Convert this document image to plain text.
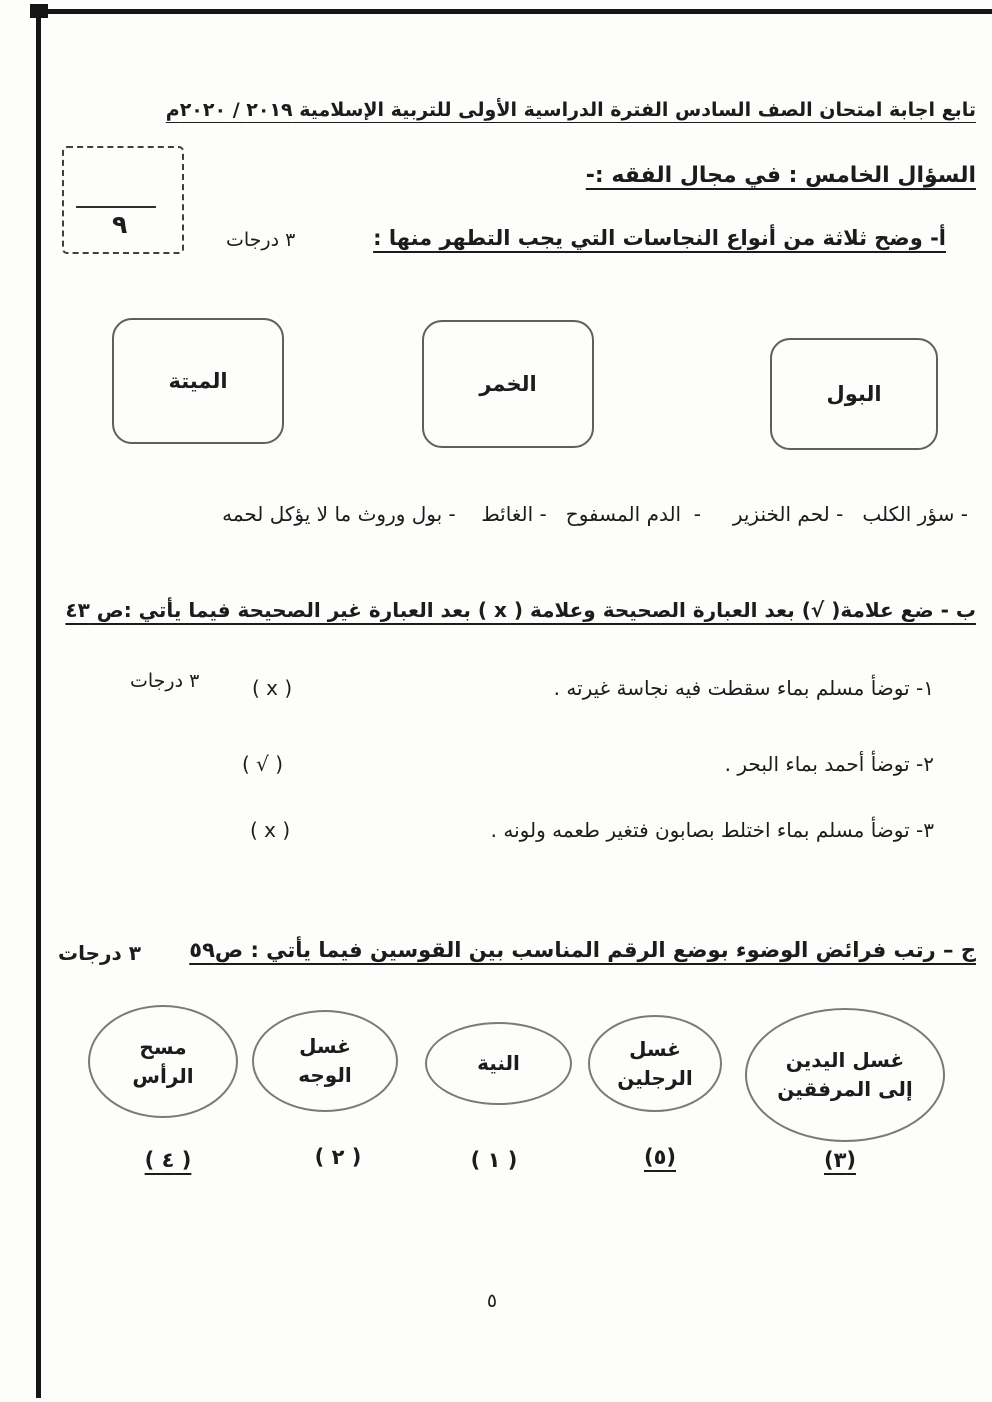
تابع اجابة امتحان الصف السادس الفترة الدراسية الأولى للتربية الإسلامية ٢٠١٩ / ٢٠٢٠م
٩
السؤال الخامس : في مجال الفقه :-
أ- وضح ثلاثة من أنواع النجاسات التي يجب التطهر منها :
٣ درجات
البول
الخمر
الميتة
- سؤر الكلب   - لحم الخنزير     -  الدم المسفوح   - الغائط    - بول وروث ما لا يؤكل لحمه
ب - ضع علامة( √) بعد العبارة الصحيحة وعلامة ( x ) بعد العبارة غير الصحيحة فيما يأتي :ص ٤٣
١- توضأ مسلم بماء سقطت فيه نجاسة غيرته .
( x )
٣ درجات
٢- توضأ أحمد بماء البحر .
( √ )
٣- توضأ مسلم بماء اختلط بصابون فتغير طعمه ولونه .
( x )
ج – رتب فرائض الوضوء بوضع الرقم المناسب بين القوسين فيما يأتي : ص٥٩
٣ درجات
غسل اليدين إلى المرفقين
غسل الرجلين
النية
غسل الوجه
مسح الرأس
(٣)
(٥)
( ١ )
( ٢ )
( ٤ )
٥
